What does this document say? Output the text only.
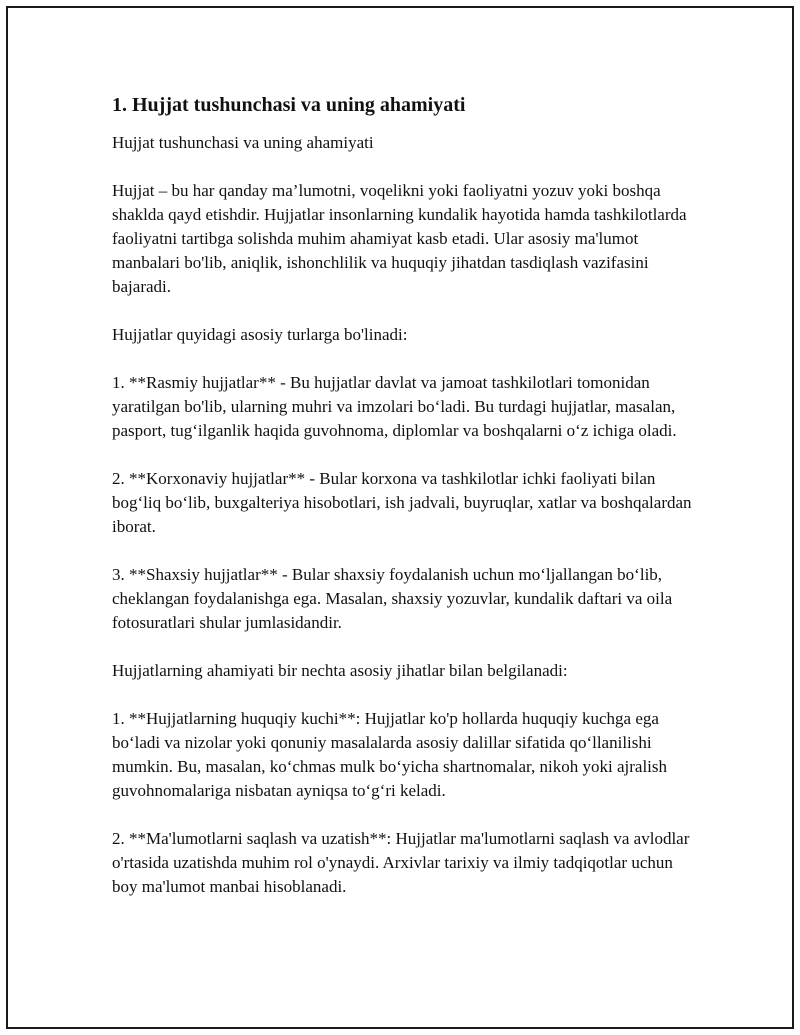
1. Hujjat tushunchasi va uning ahamiyati

Hujjat tushunchasi va uning ahamiyati

Hujjat – bu har qanday ma’lumotni, voqelikni yoki faoliyatni yozuv yoki boshqa shaklda qayd etishdir. Hujjatlar insonlarning kundalik hayotida hamda tashkilotlarda faoliyatni tartibga solishda muhim ahamiyat kasb etadi. Ular asosiy ma'lumot manbalari bo'lib, aniqlik, ishonchlilik va huquqiy jihatdan tasdiqlash vazifasini bajaradi.

Hujjatlar quyidagi asosiy turlarga bo'linadi:

1. **Rasmiy hujjatlar** - Bu hujjatlar davlat va jamoat tashkilotlari tomonidan yaratilgan bo'lib, ularning muhri va imzolari bo‘ladi. Bu turdagi hujjatlar, masalan, pasport, tug‘ilganlik haqida guvohnoma, diplomlar va boshqalarni o‘z ichiga oladi.

2. **Korxonaviy hujjatlar** - Bular korxona va tashkilotlar ichki faoliyati bilan bog‘liq bo‘lib, buxgalteriya hisobotlari, ish jadvali, buyruqlar, xatlar va boshqalardan iborat.

3. **Shaxsiy hujjatlar** - Bular shaxsiy foydalanish uchun mo‘ljallangan bo‘lib, cheklangan foydalanishga ega. Masalan, shaxsiy yozuvlar, kundalik daftari va oila fotosuratlari shular jumlasidandir.

Hujjatlarning ahamiyati bir nechta asosiy jihatlar bilan belgilanadi:

1. **Hujjatlarning huquqiy kuchi**: Hujjatlar ko'p hollarda huquqiy kuchga ega bo‘ladi va nizolar yoki qonuniy masalalarda asosiy dalillar sifatida qo‘llanilishi mumkin. Bu, masalan, ko‘chmas mulk bo‘yicha shartnomalar, nikoh yoki ajralish guvohnomalariga nisbatan ayniqsa to‘g‘ri keladi.

2. **Ma'lumotlarni saqlash va uzatish**: Hujjatlar ma'lumotlarni saqlash va avlodlar o'rtasida uzatishda muhim rol o'ynaydi. Arxivlar tarixiy va ilmiy tadqiqotlar uchun boy ma'lumot manbai hisoblanadi.
